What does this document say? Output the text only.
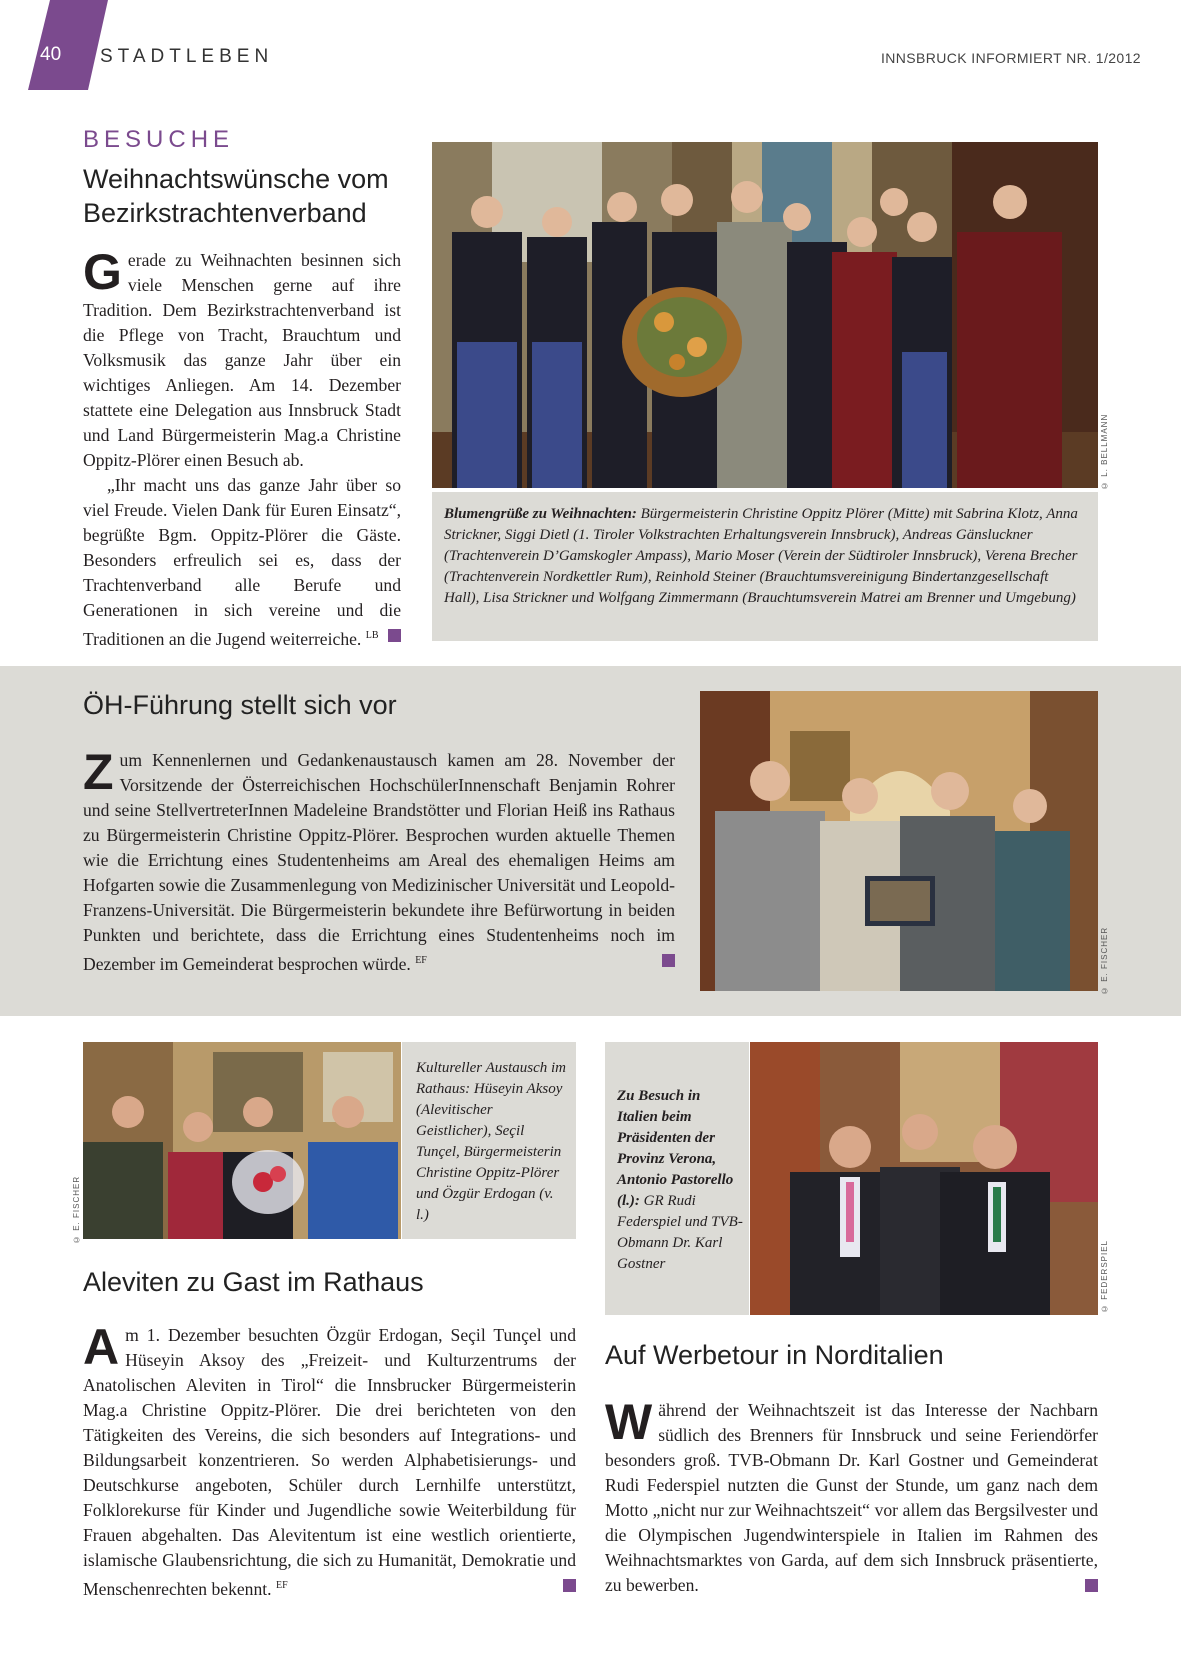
40	STADTLEBEN	INNSBRUCK INFORMIERT NR. 1/2012
BESUCHE
Weihnachtswünsche vom
Bezirkstrachtenverband

Gerade zu Weihnachten besinnen sich viele Menschen gerne auf ihre Tradition. Dem Bezirkstrachtenverband ist die Pflege von Tracht, Brauchtum und Volksmusik das ganze Jahr über ein wichtiges Anliegen. Am 14. Dezember stattete eine Delegation aus Innsbruck Stadt und Land Bürgermeisterin Mag.a Christine Oppitz-Plörer einen Besuch ab.

„Ihr macht uns das ganze Jahr über so viel Freude. Vielen Dank für Euren Einsatz“, begrüßte Bgm. Oppitz-Plörer die Gäste. Besonders erfreulich sei es, dass der Trachtenverband alle Berufe und Generationen in sich vereine und die Traditionen an die Jugend weiterreiche. $^{LB}$

© L. BELLMANN
Blumengrüße zu Weihnachten: Bürgermeisterin Christine Oppitz Plörer (Mitte) mit Sabrina Klotz, Anna Strickner, Siggi Dietl (1. Tiroler Volkstrachten Erhaltungsverein Innsbruck), Andreas Gänsluckner (Trachtenverein D’Gamskogler Ampass), Mario Moser (Verein der Südtiroler Innsbruck), Verena Brecher (Trachtenverein Nordkettler Rum), Reinhold Steiner (Brauchtumsvereinigung Bindertanzgesellschaft Hall), Lisa Strickner und Wolfgang Zimmermann (Brauchtumsverein Matrei am Brenner und Umgebung)
ÖH-Führung stellt sich vor

Zum Kennenlernen und Gedankenaustausch kamen am 28. November der Vorsitzende der Österreichischen HochschülerInnenschaft Benjamin Rohrer und seine StellvertreterInnen Madeleine Brandstötter und Florian Heiß ins Rathaus zu Bürgermeisterin Christine Oppitz-Plörer. Besprochen wurden aktuelle Themen wie die Errichtung eines Studentenheims am Areal des ehemaligen Heims am Hofgarten sowie die Zusammenlegung von Medizinischer Universität und Leopold-Franzens-Universität. Die Bürgermeisterin bekundete ihre Befürwortung in beiden Punkten und berichtete, dass die Errichtung eines Studentenheims noch im Dezember im Gemeinderat besprochen würde. $^{EF}$	© E. FISCHER
© E. FISCHER
Kultureller Austausch im Rathaus: Hüseyin Aksoy (Alevitischer Geistlicher), Seçil Tunçel, Bürgermeisterin Christine Oppitz-Plörer und Özgür Erdogan (v. l.)
Aleviten zu Gast im Rathaus

Am 1. Dezember besuchten Özgür Erdogan, Seçil Tunçel und Hüseyin Aksoy des „Freizeit- und Kulturzentrums der Anatolischen Aleviten in Tirol“ die Innsbrucker Bürgermeisterin Mag.a Christine Oppitz-Plörer. Die drei berichteten von den Tätigkeiten des Vereins, die sich besonders auf Integrations- und Bildungsarbeit konzentrieren. So werden Alphabetisierungs- und Deutschkurse angeboten, Schüler durch Lernhilfe unterstützt, Folklorekurse für Kinder und Jugendliche sowie Weiterbildung für Frauen abgehalten. Das Alevitentum ist eine westlich orientierte, islamische Glaubensrichtung, die sich zu Humanität, Demokratie und Menschenrechten bekennt. $^{EF}$

Zu Besuch in Italien beim Präsidenten der Provinz Verona, Antonio Pastorello (l.): GR Rudi Federspiel und TVB-Obmann Dr. Karl Gostner	© FEDERSPIEL
Auf Werbetour in Norditalien

Während der Weihnachtszeit ist das Interesse der Nachbarn südlich des Brenners für Innsbruck und seine Feriendörfer besonders groß. TVB-Obmann Dr. Karl Gostner und Gemeinderat Rudi Federspiel nutzten die Gunst der Stunde, um ganz nach dem Motto „nicht nur zur Weihnachtszeit“ vor allem das Bergsilvester und die Olympischen Jugendwinterspiele in Italien im Rahmen des Weihnachtsmarktes von Garda, auf dem sich Innsbruck präsentierte, zu bewerben.
